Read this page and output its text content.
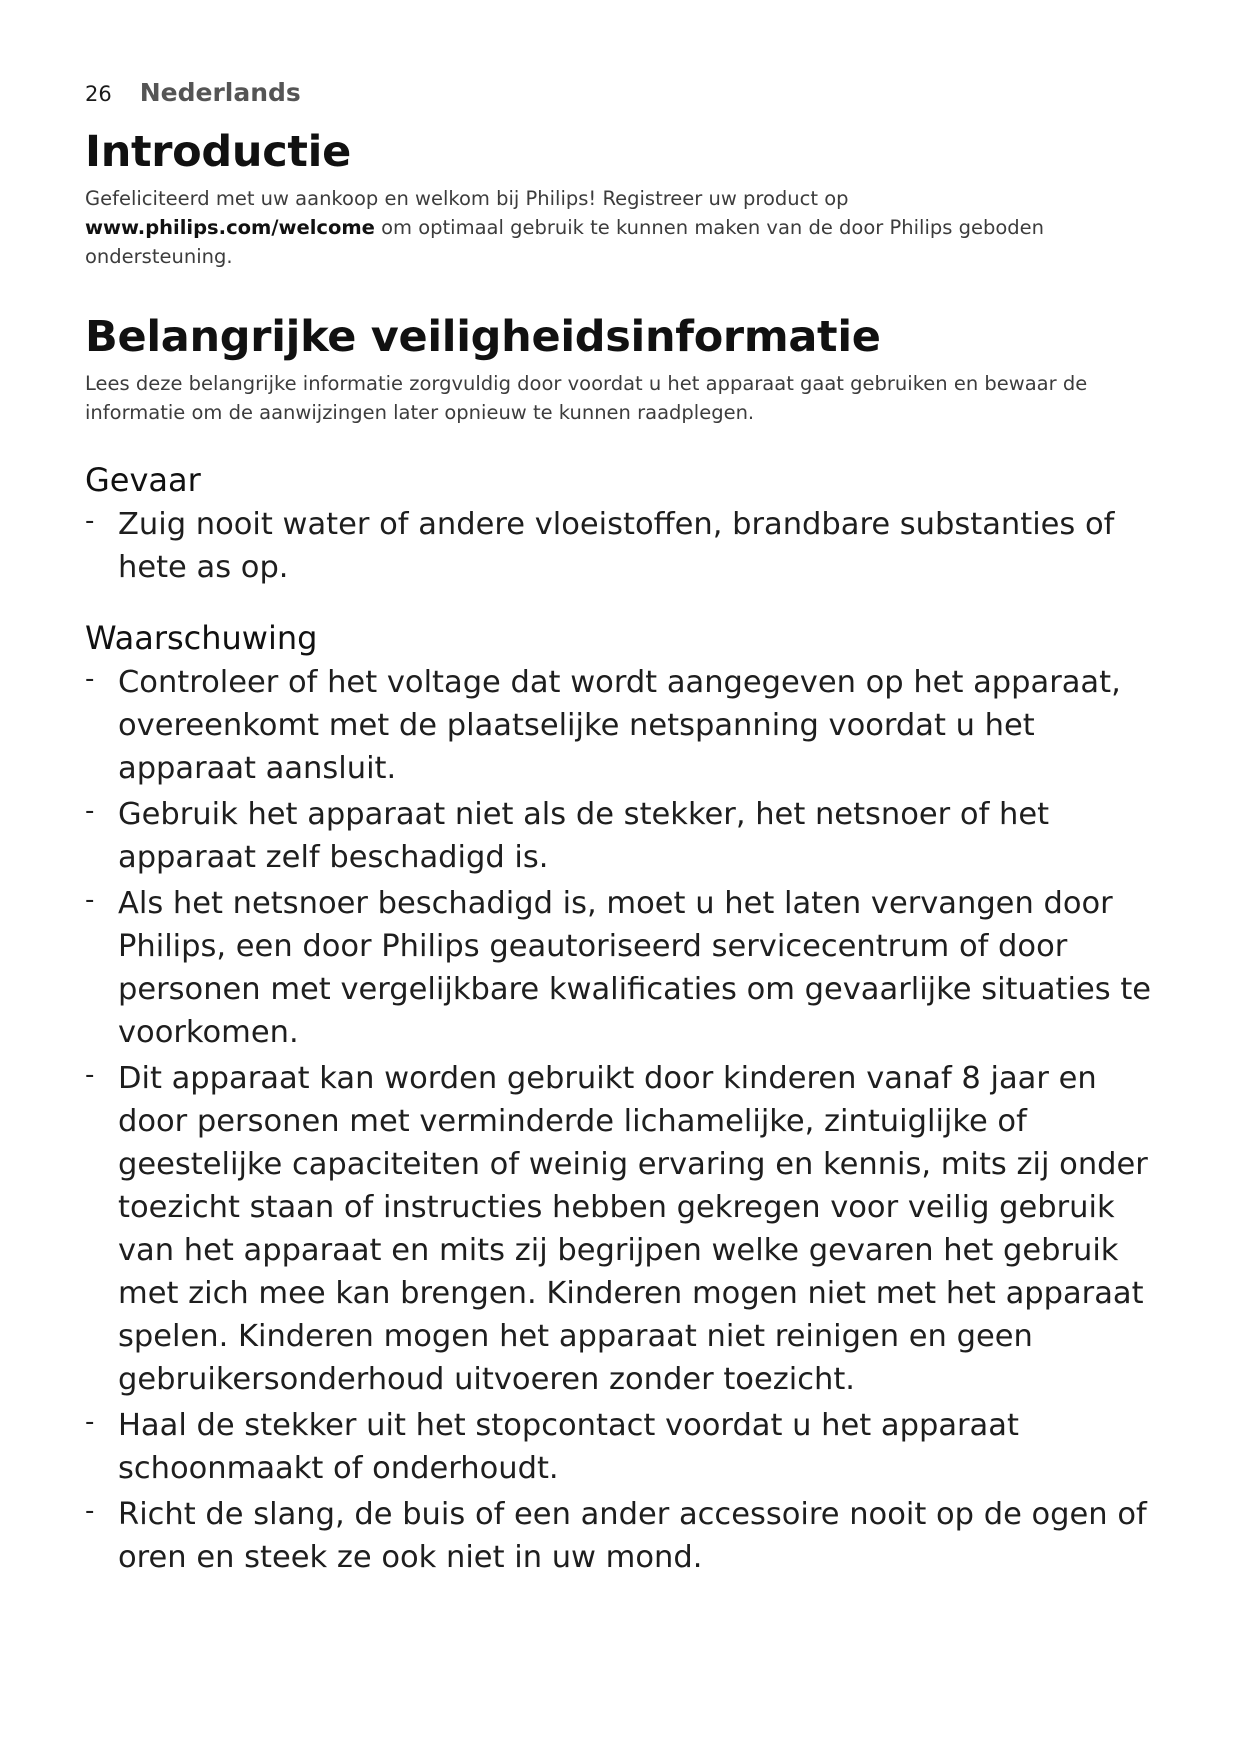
26 Nederlands
Introductie

Gefeliciteerd met uw aankoop en welkom bij Philips! Registreer uw product op
www.philips.com/welcome om optimaal gebruik te kunnen maken van de door Philips geboden ondersteuning.

Belangrijke veiligheidsinformatie

Lees deze belangrijke informatie zorgvuldig door voordat u het apparaat gaat gebruiken en bewaar de informatie om de aanwijzingen later opnieuw te kunnen raadplegen.

Gevaar
- Zuig nooit water of andere vloeistoffen, brandbare substanties of hete as op.
Waarschuwing
- Controleer of het voltage dat wordt aangegeven op het apparaat, overeenkomt met de plaatselijke netspanning voordat u het apparaat aansluit.
- Gebruik het apparaat niet als de stekker, het netsnoer of het apparaat zelf beschadigd is.
- Als het netsnoer beschadigd is, moet u het laten vervangen door Philips, een door Philips geautoriseerd servicecentrum of door personen met vergelijkbare kwalificaties om gevaarlijke situaties te voorkomen.
- Dit apparaat kan worden gebruikt door kinderen vanaf 8 jaar en door personen met verminderde lichamelijke, zintuiglijke of geestelijke capaciteiten of weinig ervaring en kennis, mits zij onder toezicht staan of instructies hebben gekregen voor veilig gebruik van het apparaat en mits zij begrijpen welke gevaren het gebruik met zich mee kan brengen. Kinderen mogen niet met het apparaat spelen. Kinderen mogen het apparaat niet reinigen en geen gebruikersonderhoud uitvoeren zonder toezicht.
- Haal de stekker uit het stopcontact voordat u het apparaat schoonmaakt of onderhoudt.
- Richt de slang, de buis of een ander accessoire nooit op de ogen of oren en steek ze ook niet in uw mond.
